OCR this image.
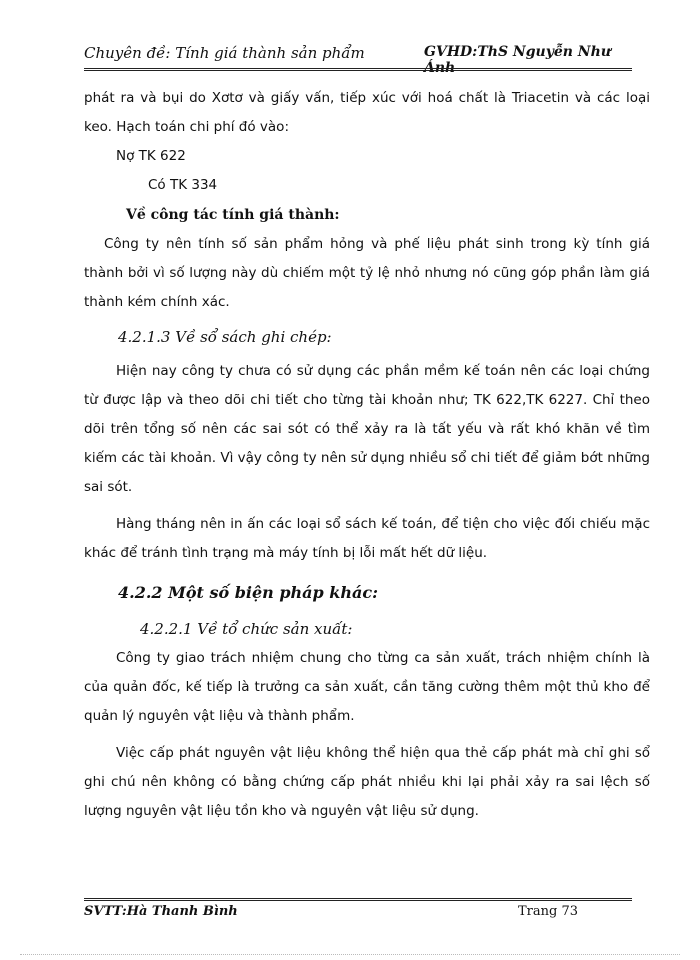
Chuyên đề: Tính giá thành sản phẩm	GVHD:ThS Nguyễn Như Ánh

phát ra và bụi do Xơtơ và giấy vấn, tiếp xúc với hoá chất là Triacetin và các loại keo. Hạch toán chi phí đó vào:

Nợ TK 622

Có TK 334

Về công tác tính giá thành:

Công ty nên tính số sản phẩm hỏng và phế liệu phát sinh trong kỳ tính giá thành bởi vì số lượng này dù chiếm một tỷ lệ nhỏ nhưng nó cũng góp phần làm giá thành kém chính xác.

4.2.1.3 Về sổ sách ghi chép:

Hiện nay công ty chưa có sử dụng các phần mềm kế toán nên các loại chứng từ được lập và theo dõi chi tiết cho từng tài khoản như; TK 622,TK 6227. Chỉ theo dõi trên tổng số nên các sai sót có thể xảy ra là tất yếu và rất khó khăn về tìm kiếm các tài khoản. Vì vậy công ty nên sử dụng nhiều sổ chi tiết để giảm bớt những sai sót.

Hàng tháng nên in ấn các loại sổ sách kế toán, để tiện cho việc đối chiếu mặc khác để tránh tình trạng mà máy tính bị lỗi mất hết dữ liệu.

4.2.2 Một số biện pháp khác:

4.2.2.1 Về tổ chức sản xuất:

Công ty giao trách nhiệm chung cho từng ca sản xuất, trách nhiệm chính là của quản đốc, kế tiếp là trưởng ca sản xuất, cần tăng cường thêm một thủ kho để quản lý nguyên vật liệu và thành phẩm.

Việc cấp phát nguyên vật liệu không thể hiện qua thẻ cấp phát mà chỉ ghi sổ ghi chú nên không có bằng chứng cấp phát nhiều khi lại phải xảy ra sai lệch số lượng nguyên vật liệu tồn kho và nguyên vật liệu sử dụng.

SVTT:Hà Thanh Bình	Trang 73
